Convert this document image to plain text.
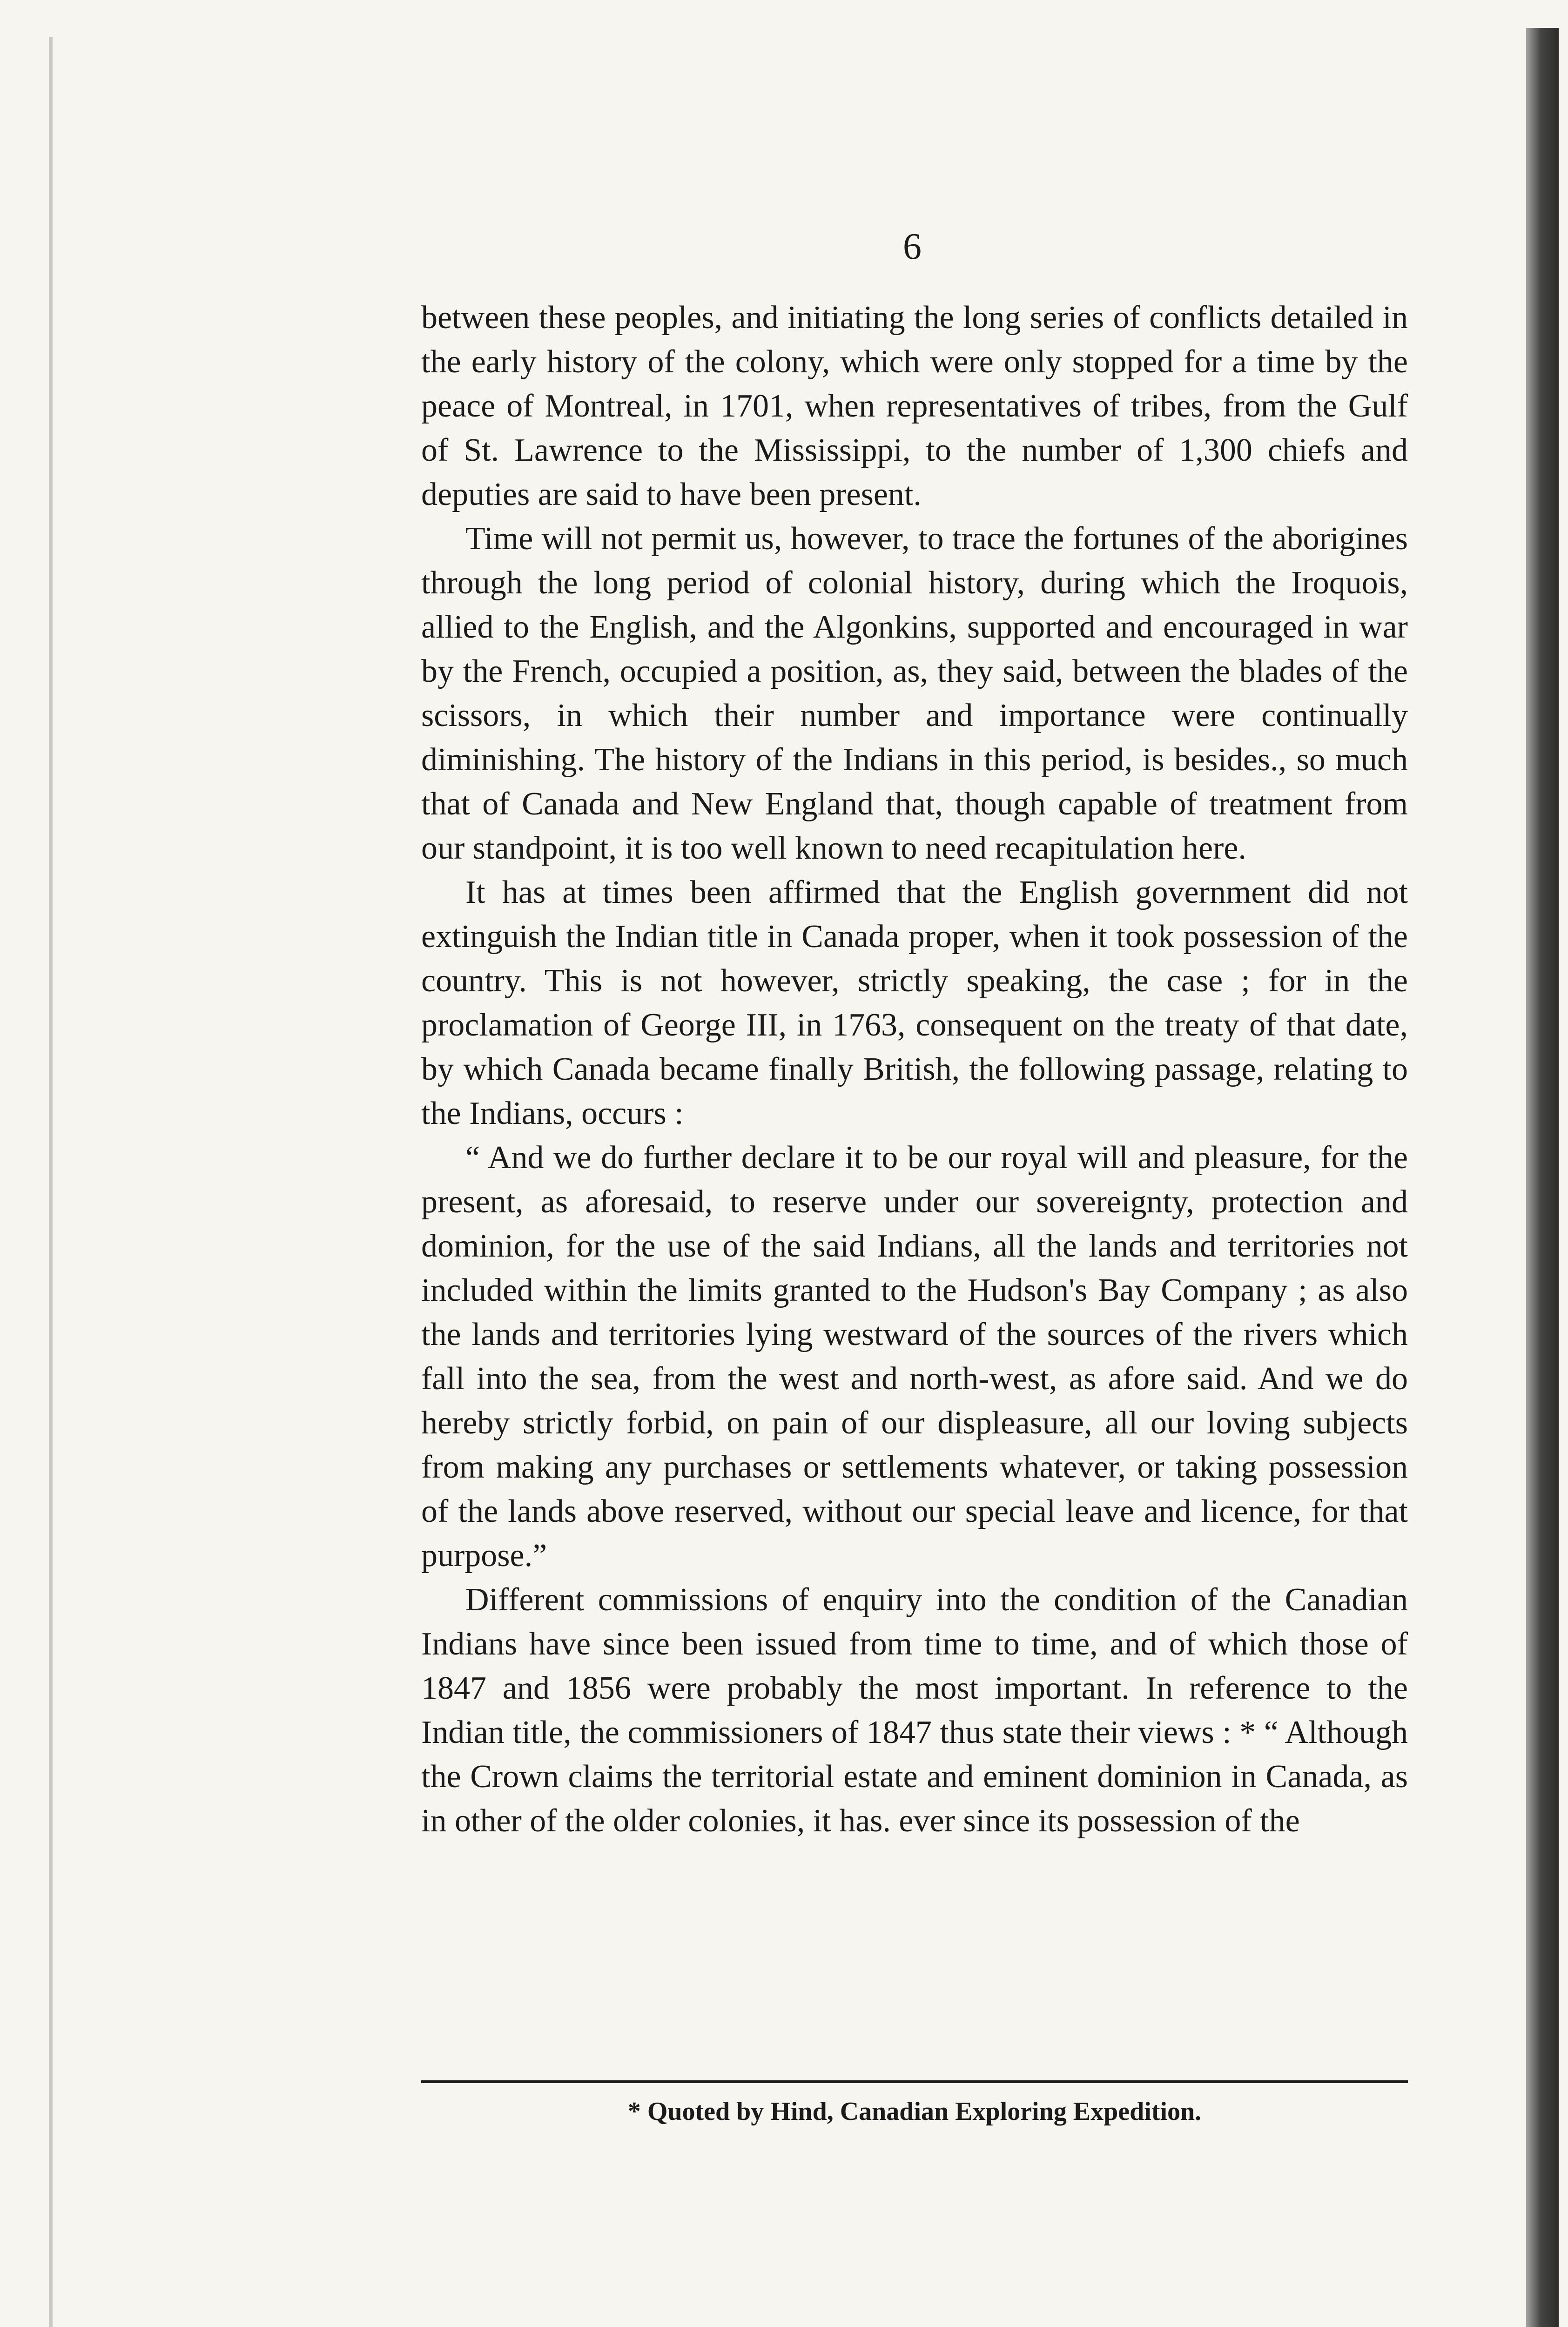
6

between these peoples, and initiating the long series of conflicts detailed in the early history of the colony, which were only stopped for a time by the peace of Montreal, in 1701, when representatives of tribes, from the Gulf of St. Lawrence to the Mississippi, to the number of 1,300 chiefs and deputies are said to have been present.

Time will not permit us, however, to trace the fortunes of the aborigines through the long period of colonial history, during which the Iroquois, allied to the English, and the Algonkins, supported and encouraged in war by the French, occupied a position, as, they said, between the blades of the scissors, in which their number and importance were continually diminishing. The history of the Indians in this period, is besides., so much that of Canada and New England that, though capable of treatment from our standpoint, it is too well known to need recapitulation here.

It has at times been affirmed that the English government did not extinguish the Indian title in Canada proper, when it took possession of the country. This is not however, strictly speaking, the case ; for in the proclamation of George III, in 1763, consequent on the treaty of that date, by which Canada became finally British, the following passage, relating to the Indians, occurs :

“ And we do further declare it to be our royal will and pleasure, for the present, as aforesaid, to reserve under our sovereignty, protection and dominion, for the use of the said Indians, all the lands and territories not included within the limits granted to the Hudson's Bay Company ; as also the lands and territories lying westward of the sources of the rivers which fall into the sea, from the west and north-west, as afore said. And we do hereby strictly forbid, on pain of our displeasure, all our loving subjects from making any purchases or settlements whatever, or taking possession of the lands above reserved, without our special leave and licence, for that purpose.”

Different commissions of enquiry into the condition of the Canadian Indians have since been issued from time to time, and of which those of 1847 and 1856 were probably the most important. In reference to the Indian title, the commissioners of 1847 thus state their views : * “ Although the Crown claims the territorial estate and eminent dominion in Canada, as in other of the older colonies, it has. ever since its possession of the

* Quoted by Hind, Canadian Exploring Expedition.
